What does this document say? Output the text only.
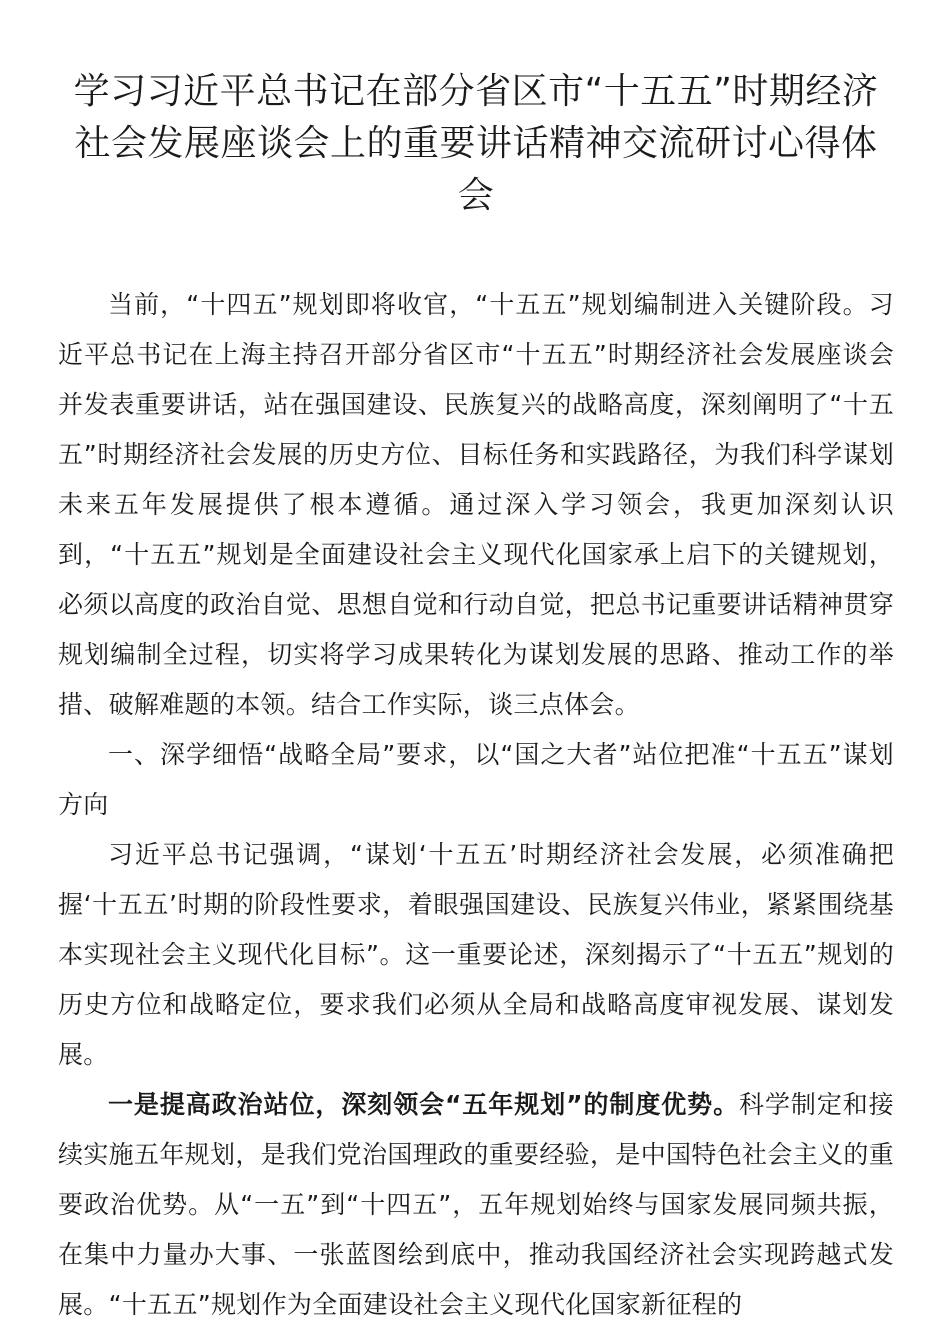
学习习近平总书记在部分省区市“十五五”时期经济
社会发展座谈会上的重要讲话精神交流研讨心得体会

当前，“十四五”规划即将收官，“十五五”规划编制进入关键阶段。习近平总书记在上海主持召开部分省区市“十五五”时期经济社会发展座谈会并发表重要讲话，站在强国建设、民族复兴的战略高度，深刻阐明了“十五五”时期经济社会发展的历史方位、目标任务和实践路径，为我们科学谋划未来五年发展提供了根本遵循。通过深入学习领会，我更加深刻认识到，“十五五”规划是全面建设社会主义现代化国家承上启下的关键规划，必须以高度的政治自觉、思想自觉和行动自觉，把总书记重要讲话精神贯穿规划编制全过程，切实将学习成果转化为谋划发展的思路、推动工作的举措、破解难题的本领。结合工作实际，谈三点体会。

一、深学细悟“战略全局”要求，以“国之大者”站位把准“十五五”谋划方向

习近平总书记强调，“谋划‘十五五’时期经济社会发展，必须准确把握‘十五五’时期的阶段性要求，着眼强国建设、民族复兴伟业，紧紧围绕基本实现社会主义现代化目标”。这一重要论述，深刻揭示了“十五五”规划的历史方位和战略定位，要求我们必须从全局和战略高度审视发展、谋划发展。

一是提高政治站位，深刻领会“五年规划”的制度优势。科学制定和接续实施五年规划，是我们党治国理政的重要经验，是中国特色社会主义的重要政治优势。从“一五”到“十四五”，五年规划始终与国家发展同频共振，在集中力量办大事、一张蓝图绘到底中，推动我国经济社会实现跨越式发展。“十五五”规划作为全面建设社会主义现代化国家新征程的
